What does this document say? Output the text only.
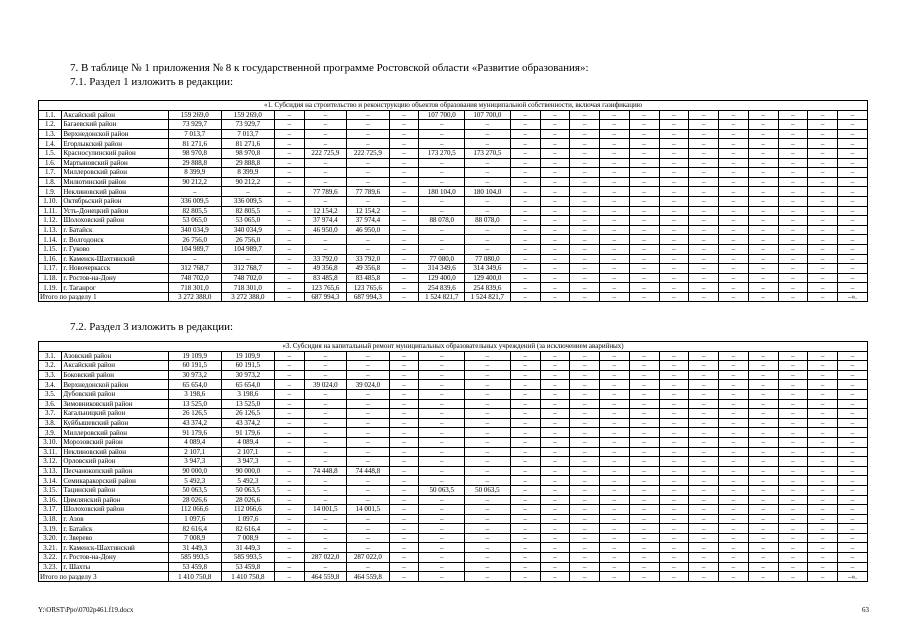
7. В таблице № 1 приложения № 8 к государственной программе Ростовской области «Развитие образования»:
7.1. Раздел 1 изложить в редакции:
«1. Субсидия на строительство и реконструкцию объектов образования муниципальной собственности, включая газификацию																					
1.1.	Аксайский район	159 269,0	159 269,0	–	–	–	–	107 700,0	107 700,0	–	–	–	–	–	–	–	–	–	–	–	–
1.2.	Багаевский район	73 929,7	73 929,7	–	–	–	–	–	–	–	–	–	–	–	–	–	–	–	–	–	–
1.3.	Верхнедонской район	7 013,7	7 013,7	–	–	–	–	–	–	–	–	–	–	–	–	–	–	–	–	–	–
1.4.	Егорлыкский район	81 271,6	81 271,6	–	–	–	–	–	–	–	–	–	–	–	–	–	–	–	–	–	–
1.5.	Красносулинский район	98 970,8	98 970,8	–	222 725,9	222 725,9	–	173 270,5	173 270,5	–	–	–	–	–	–	–	–	–	–	–	–
1.6.	Мартыновский район	29 888,8	29 888,8	–	–	–	–	–	–	–	–	–	–	–	–	–	–	–	–	–	–
1.7.	Миллеровский район	8 399,9	8 399,9	–	–	–	–	–	–	–	–	–	–	–	–	–	–	–	–	–	–
1.8.	Милютинский район	90 212,2	90 212,2	–	–	–	–	–	–	–	–	–	–	–	–	–	–	–	–	–	–
1.9.	Неклиновский район	–	–	–	77 789,6	77 789,6	–	180 104,0	180 104,0	–	–	–	–	–	–	–	–	–	–	–	–
1.10.	Октябрьский район	336 009,5	336 009,5	–	–	–	–	–	–	–	–	–	–	–	–	–	–	–	–	–	–
1.11.	Усть-Донецкий район	82 805,5	82 805,5	–	12 154,2	12 154,2	–	–	–	–	–	–	–	–	–	–	–	–	–	–	–
1.12.	Шолоховский район	53 065,0	53 065,0	–	37 974,4	37 974,4	–	88 078,0	88 078,0	–	–	–	–	–	–	–	–	–	–	–	–
1.13.	г. Батайск	340 034,9	340 034,9	–	46 950,0	46 950,0	–	–	–	–	–	–	–	–	–	–	–	–	–	–	–
1.14.	г. Волгодонск	26 756,0	26 756,0	–	–	–	–	–	–	–	–	–	–	–	–	–	–	–	–	–	–
1.15.	г. Гуково	104 989,7	104 989,7	–	–	–	–	–	–	–	–	–	–	–	–	–	–	–	–	–	–
1.16.	г. Каменск-Шахтинский	–	–	–	33 792,0	33 792,0	–	77 080,0	77 080,0	–	–	–	–	–	–	–	–	–	–	–	–
1.17.	г. Новочеркасск	312 768,7	312 768,7	–	49 356,8	49 356,8	–	314 349,6	314 349,6	–	–	–	–	–	–	–	–	–	–	–	–
1.18.	г. Ростов-на-Дону	748 702,0	748 702,0	–	83 485,8	83 485,8	–	129 400,0	129 400,0	–	–	–	–	–	–	–	–	–	–	–	–
1.19.	г. Таганрог	718 301,0	718 301,0	–	123 765,6	123 765,6	–	254 839,6	254 839,6	–	–	–	–	–	–	–	–	–	–	–	–
Итого по разделу 1		3 272 388,0	3 272 388,0	–	687 994,3	687 994,3	–	1 524 821,7	1 524 821,7	–	–	–	–	–	–	–	–	–	–	–	–».
7.2. Раздел 3 изложить в редакции:
«3. Субсидия на капитальный ремонт муниципальных образовательных учреждений (за исключением аварийных)																					
3.1.	Азовский район	19 109,9	19 109,9	–	–	–	–	–	–	–	–	–	–	–	–	–	–	–	–	–	–
3.2.	Аксайский район	60 191,5	60 191,5	–	–	–	–	–	–	–	–	–	–	–	–	–	–	–	–	–	–
3.3.	Боковский район	30 973,2	30 973,2	–	–	–	–	–	–	–	–	–	–	–	–	–	–	–	–	–	–
3.4.	Верхнедонской район	65 654,0	65 654,0	–	39 024,0	39 024,0	–	–	–	–	–	–	–	–	–	–	–	–	–	–	–
3.5.	Дубовский район	3 198,6	3 198,6	–	–	–	–	–	–	–	–	–	–	–	–	–	–	–	–	–	–
3.6.	Зимовниковский район	13 525,0	13 525,0	–	–	–	–	–	–	–	–	–	–	–	–	–	–	–	–	–	–
3.7.	Кагальницкий район	26 126,5	26 126,5	–	–	–	–	–	–	–	–	–	–	–	–	–	–	–	–	–	–
3.8.	Куйбышевский район	43 374,2	43 374,2	–	–	–	–	–	–	–	–	–	–	–	–	–	–	–	–	–	–
3.9.	Миллеровский район	91 179,6	91 179,6	–	–	–	–	–	–	–	–	–	–	–	–	–	–	–	–	–	–
3.10.	Морозовский район	4 089,4	4 089,4	–	–	–	–	–	–	–	–	–	–	–	–	–	–	–	–	–	–
3.11.	Неклиновский район	2 107,1	2 107,1	–	–	–	–	–	–	–	–	–	–	–	–	–	–	–	–	–	–
3.12.	Орловский район	3 947,3	3 947,3	–	–	–	–	–	–	–	–	–	–	–	–	–	–	–	–	–	–
3.13.	Песчанокопский район	90 000,0	90 000,0	–	74 448,8	74 448,8	–	–	–	–	–	–	–	–	–	–	–	–	–	–	–
3.14.	Семикаракорский район	5 492,3	5 492,3	–	–	–	–	–	–	–	–	–	–	–	–	–	–	–	–	–	–
3.15.	Тацинский район	50 063,5	50 063,5	–	–	–	–	50 063,5	50 063,5	–	–	–	–	–	–	–	–	–	–	–	–
3.16.	Цимлянский район	28 026,6	28 026,6	–	–	–	–	–	–	–	–	–	–	–	–	–	–	–	–	–	–
3.17.	Шолоховский район	112 066,6	112 066,6	–	14 001,5	14 001,5	–	–	–	–	–	–	–	–	–	–	–	–	–	–	–
3.18.	г. Азов	1 097,6	1 097,6	–	–	–	–	–	–	–	–	–	–	–	–	–	–	–	–	–	–
3.19.	г. Батайск	82 616,4	82 616,4	–	–	–	–	–	–	–	–	–	–	–	–	–	–	–	–	–	–
3.20.	г. Зверево	7 008,9	7 008,9	–	–	–	–	–	–	–	–	–	–	–	–	–	–	–	–	–	–
3.21.	г. Каменск-Шахтинский	31 449,3	31 449,3	–	–	–	–	–	–	–	–	–	–	–	–	–	–	–	–	–	–
3.22.	г. Ростов-на-Дону	585 993,5	585 993,5	–	287 022,0	287 022,0	–	–	–	–	–	–	–	–	–	–	–	–	–	–	–
3.23.	г. Шахты	53 459,8	53 459,8	–	–	–	–	–	–	–	–	–	–	–	–	–	–	–	–	–	–
Итого по разделу 3		1 410 750,8	1 410 750,8	–	464 559,8	464 559,8	–	–	–	–	–	–	–	–	–	–	–	–	–	–	–».
Y:\ORST\Ppo\0702p461.f19.docx	63
